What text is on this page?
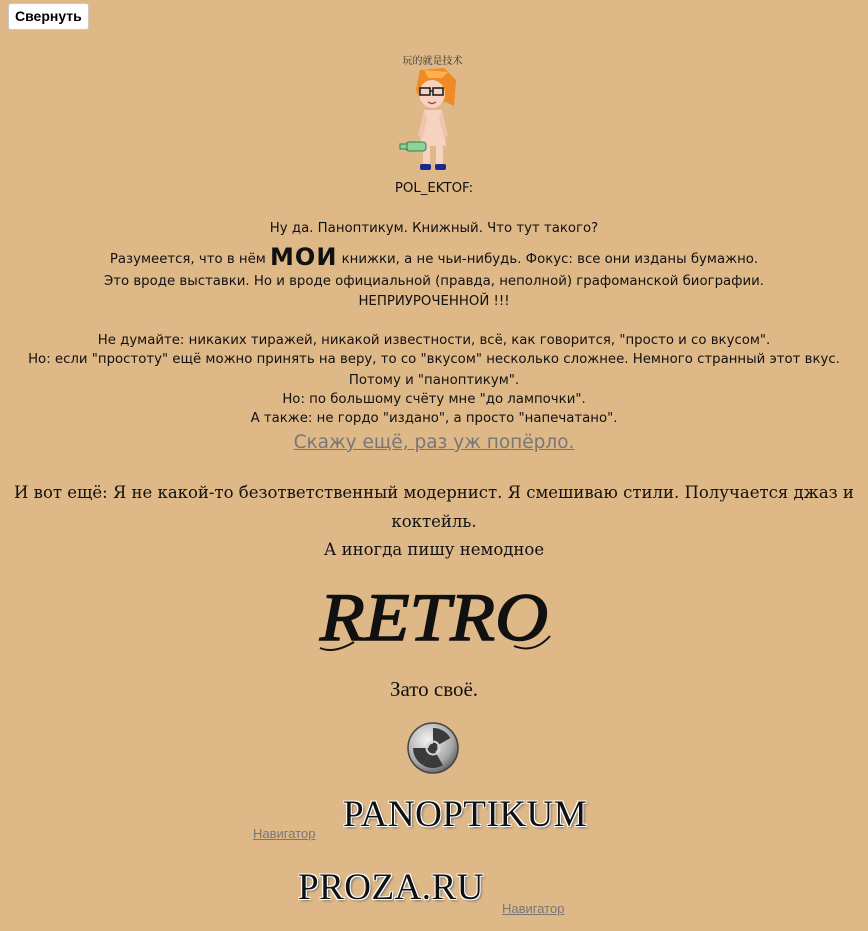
Свернуть
玩的就是技术
POL_EKTOF:
Ну да. Паноптикум. Книжный. Что тут такого?
Разумеется, что в нём МОИ книжки, а не чьи-нибудь. Фокус: все они изданы бумажно.
Это вроде выставки. Но и вроде официальной (правда, неполной) графоманской биографии.
НЕПРИУРОЧЕННОЙ !!!
Не думайте: никаких тиражей, никакой известности, всё, как говорится, "просто и со вкусом".
Но: если "простоту" ещё можно принять на веру, то со "вкусом" несколько сложнее. Немного странный этот вкус.
Потому и "паноптикум".
Но: по большому счёту мне "до лампочки".
А также: не гордо "издано", а просто "напечатано".
Скажу ещё, раз уж попёрло.
И вот ещё: Я не какой-то безответственный модернист. Я смешиваю стили. Получается джаз и
коктейль.
А иногда пишу немодное
RETRO
Зато своё.
Навигатор PANOPTIKUM
PROZA.RU
Навигатор
